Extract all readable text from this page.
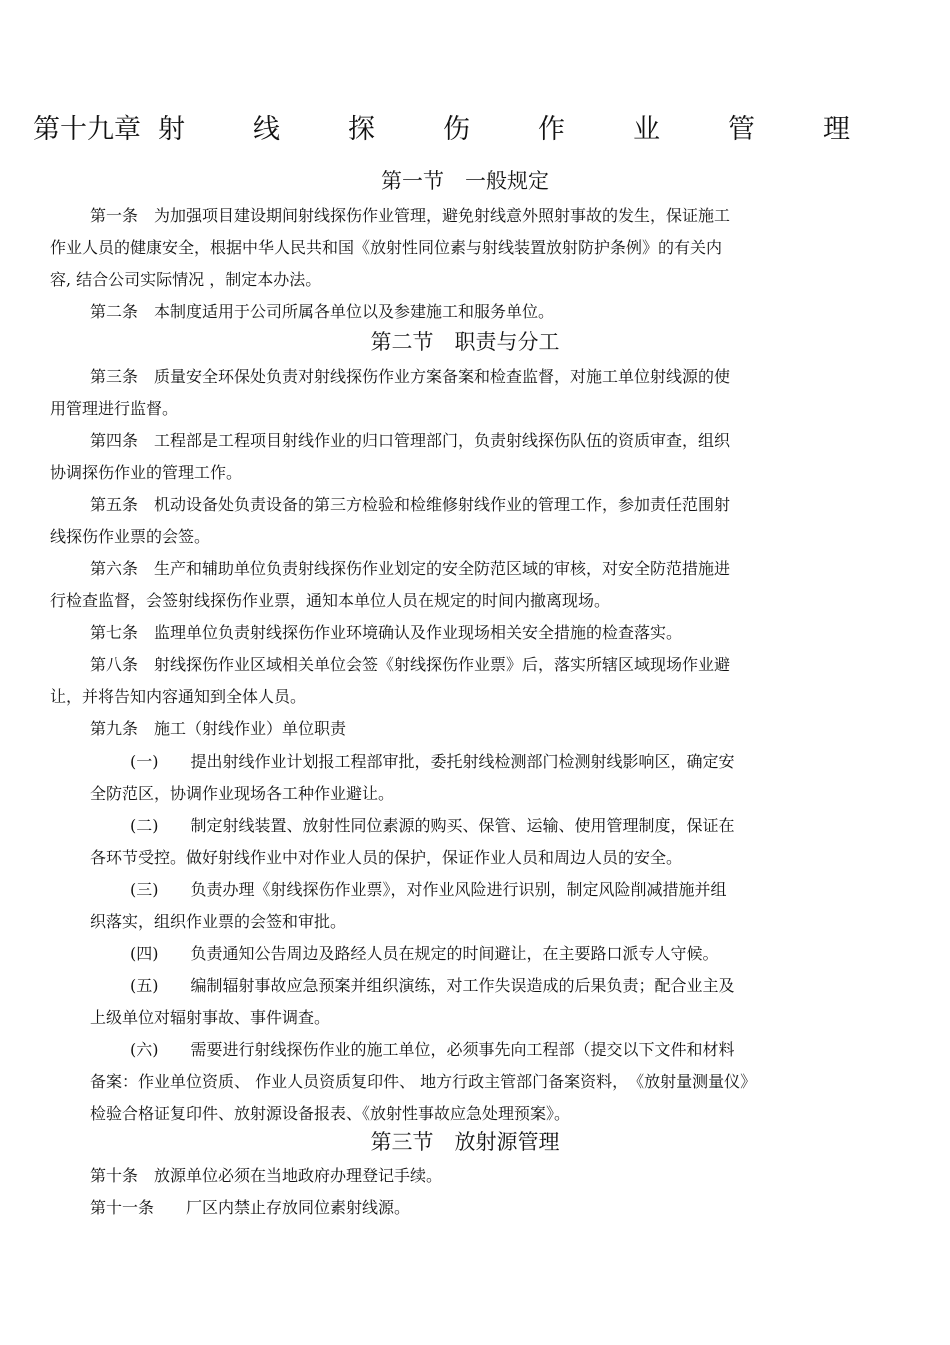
第十九章 射	线	探	伤	作	业	管	理
第一节　一般规定
第一条　为加强项目建设期间射线探伤作业管理，避免射线意外照射事故的发生，保证施工
作业人员的健康安全，根据中华人民共和国《放射性同位素与射线装置放射防护条例》的有关内
容, 结合公司实际情况 ，制定本办法。
第二条　本制度适用于公司所属各单位以及参建施工和服务单位。
第二节　职责与分工
第三条　质量安全环保处负责对射线探伤作业方案备案和检查监督，对施工单位射线源的使
用管理进行监督。
第四条　工程部是工程项目射线作业的归口管理部门，负责射线探伤队伍的资质审查，组织
协调探伤作业的管理工作。
第五条　机动设备处负责设备的第三方检验和检维修射线作业的管理工作，参加责任范围射
线探伤作业票的会签。
第六条　生产和辅助单位负责射线探伤作业划定的安全防范区域的审核，对安全防范措施进
行检查监督，会签射线探伤作业票，通知本单位人员在规定的时间内撤离现场。
第七条　监理单位负责射线探伤作业环境确认及作业现场相关安全措施的检查落实。
第八条　射线探伤作业区域相关单位会签《射线探伤作业票》后，落实所辖区域现场作业避
让，并将告知内容通知到全体人员。
第九条　施工（射线作业）单位职责
(一)　　提出射线作业计划报工程部审批，委托射线检测部门检测射线影响区，确定安
全防范区，协调作业现场各工种作业避让。
(二)　　制定射线装置、放射性同位素源的购买、保管、运输、使用管理制度，保证在
各环节受控。做好射线作业中对作业人员的保护，保证作业人员和周边人员的安全。
(三)　　负责办理《射线探伤作业票》，对作业风险进行识别，制定风险削减措施并组
织落实，组织作业票的会签和审批。
(四)　　负责通知公告周边及路经人员在规定的时间避让，在主要路口派专人守候。
(五)　　编制辐射事故应急预案并组织演练，对工作失误造成的后果负责；配合业主及
上级单位对辐射事故、事件调查。
(六)　　需要进行射线探伤作业的施工单位，必须事先向工程部（提交以下文件和材料
备案：作业单位资质、 作业人员资质复印件、 地方行政主管部门备案资料，　《放射量测量仪》
检验合格证复印件、放射源设备报表、《放射性事故应急处理预案》。
第三节　放射源管理
第十条　放源单位必须在当地政府办理登记手续。
第十一条　　厂区内禁止存放同位素射线源。
